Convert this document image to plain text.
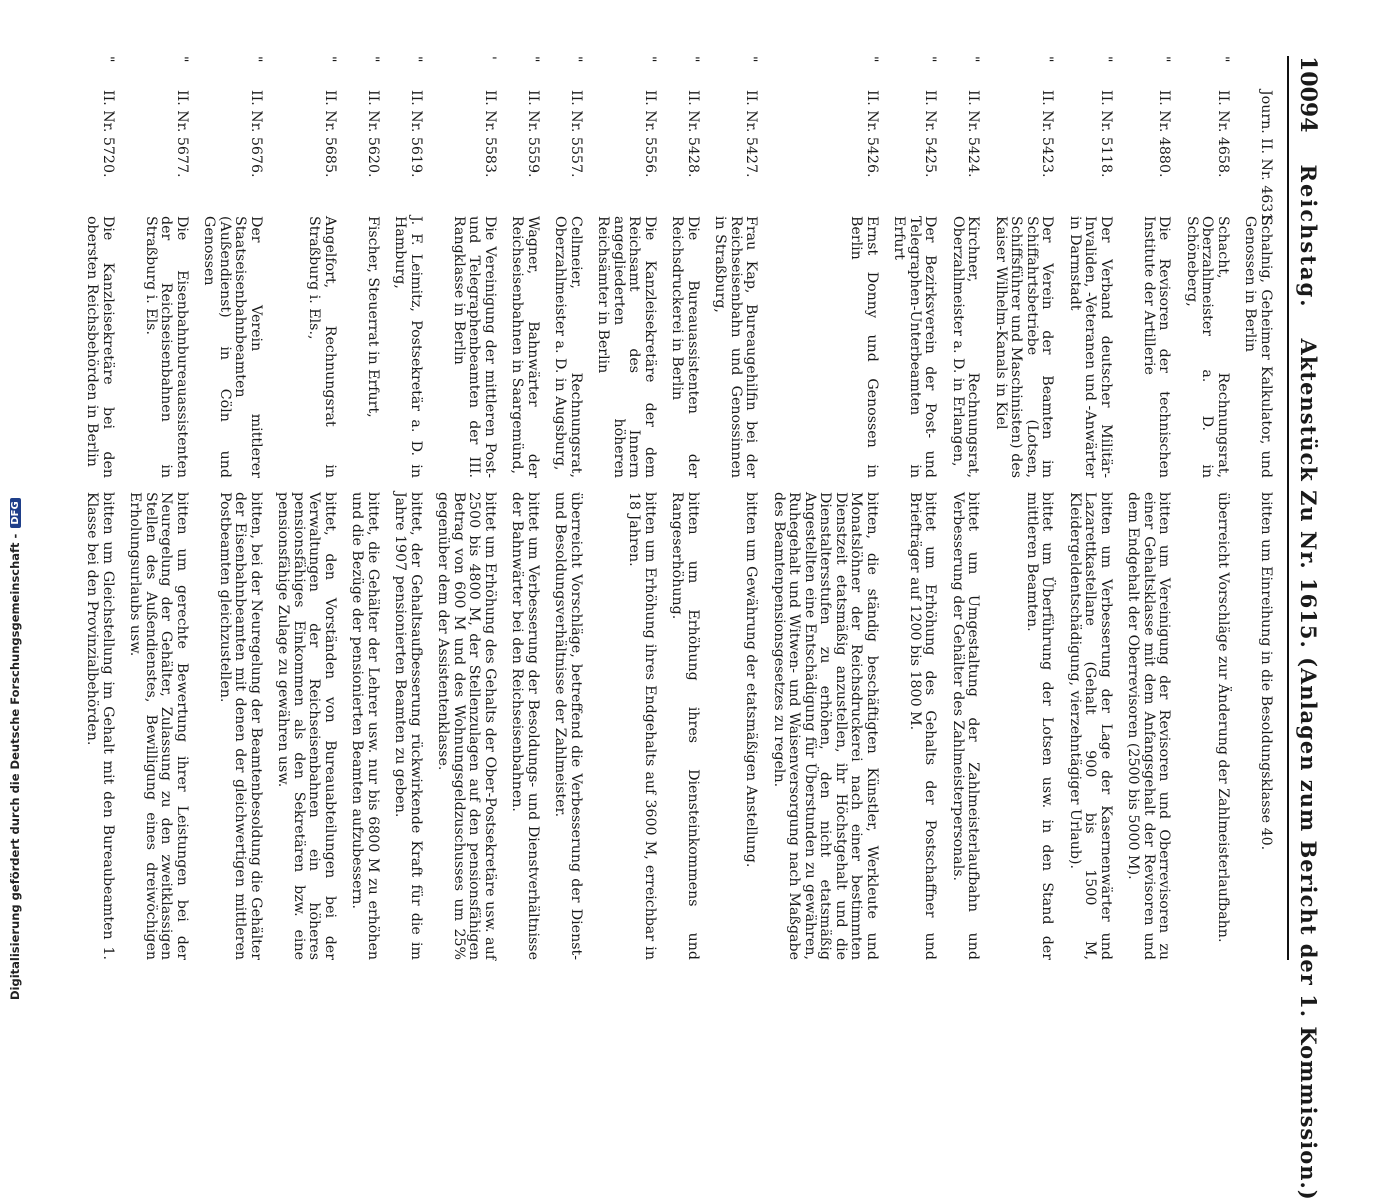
10094
Reichstag.
Aktenstück Zu Nr. 1615. (Anlagen zum Bericht der 1. Kommission.)
Journ. II. Nr. 4631.
Schalnig, Geheimer Kalkulator, und Genossen in Berlin
bitten um Einreihung in die Besoldungsklasse 40.
"
II. Nr. 4658.
Schacht, Rechnungsrat, Oberzahlmeister a. D. in Schöneberg,
überreicht Vorschläge zur Änderung der Zahlmeisterlaufbahn.
"
II. Nr. 4880.
Die Revisoren der technischen Institute der Artillerie
bitten um Vereinigung der Revisoren und Oberrevisoren zu einer Gehaltsklasse mit dem Anfangsgehalt der Revisoren und dem Endgehalt der Oberrevisoren (2500 bis 5000 M).
"
II. Nr. 5118.
Der Verband deutscher Militär-Invaliden, -Veteranen und -Anwärter in Darmstadt
bitten um Verbesserung der Lage der Kasernenwärter und Lazarettkastellane (Gehalt 900 bis 1500 M, Kleidergeldentschädigung, vierzehntägiger Urlaub).
"
II. Nr. 5423.
Der Verein der Beamten im Schiffahrtsbetriebe (Lotsen, Schiffsführer und Maschinisten) des Kaiser Wilhelm-Kanals in Kiel
bittet um Überführung der Lotsen usw. in den Stand der mittleren Beamten.
"
II. Nr. 5424.
Kirchner, Rechnungsrat, Oberzahlmeister a. D. in Erlangen,
bittet um Umgestaltung der Zahlmeisterlaufbahn und Verbesserung der Gehälter des Zahlmeisterpersonals.
"
II. Nr. 5425.
Der Bezirksverein der Post- und Telegraphen-Unterbeamten in Erfurt
bittet um Erhöhung des Gehalts der Postschaffner und Briefträger auf 1200 bis 1800 M.
"
II. Nr. 5426.
Ernst Donny und Genossen in Berlin
bitten, die ständig beschäftigten Künstler, Werkleute und Monatslöhner der Reichsdruckerei nach einer bestimmten Dienstzeit etatsmäßig anzustellen, ihr Höchstgehalt und die Dienstaltersstufen zu erhöhen, den nicht etatsmäßig Angestellten eine Entschädigung für Überstunden zu gewähren, Ruhegehalt und Witwen- und Waisenversorgung nach Maßgabe des Beamtenpensionsgesetzes zu regeln.
"
II. Nr. 5427.
Frau Kap, Bureaugehilfin bei der Reichseisenbahn und Genossinnen in Straßburg,
bitten um Gewährung der etatsmäßigen Anstellung.
"
II. Nr. 5428.
Die Bureauassistenten der Reichsdruckerei in Berlin
bitten um Erhöhung ihres Diensteinkommens und Rangeserhöhung.
"
II. Nr. 5556.
Die Kanzleisekretäre der dem Reichsamt des Innern angegliederten höheren Reichsämter in Berlin
bitten um Erhöhung ihres Endgehalts auf 3600 M, erreichbar in 18 Jahren.
"
II. Nr. 5557.
Cellmeier, Rechnungsrat, Oberzahlmeister a. D. in Augsburg,
überreicht Vorschläge, betreffend die Verbesserung der Dienst- und Besoldungsverhältnisse der Zahlmeister.
"
II. Nr. 5559.
Wagner, Bahnwärter der Reichseisenbahnen in Saargemünd,
bittet um Verbesserung der Besoldungs- und Dienstverhältnisse der Bahnwärter bei den Reichseisenbahnen.
'
II. Nr. 5583.
Die Vereinigung der mittleren Post- und Telegraphenbeamten der III. Rangklasse in Berlin
bittet um Erhöhung des Gehalts der Ober-Postsekretäre usw. auf 2500 bis 4800 M, der Stellenzulagen auf den pensionsfähigen Betrag von 600 M und des Wohnungsgeldzuschusses um 25% gegenüber dem der Assistentenklasse.
"
II. Nr. 5619.
J. F. Leimitz, Postsekretär a. D. in Hamburg,
bittet, der Gehaltsaufbesserung rückwirkende Kraft für die im Jahre 1907 pensionierten Beamten zu geben.
"
II. Nr. 5620.
Fischer, Steuerrat in Erfurt,
bittet, die Gehälter der Lehrer usw. nur bis 6800 M zu erhöhen und die Bezüge der pensionierten Beamten aufzubessern.
"
II. Nr. 5685.
Angelfort, Rechnungsrat in Straßburg i. Els.,
bittet, den Vorständen von Bureauabteilungen bei der Verwaltungen der Reichseisenbahnen ein höheres pensionsfähiges Einkommen als den Sekretären bzw. eine pensionsfähige Zulage zu gewähren usw.
"
II. Nr. 5676.
Der Verein mittlerer Staatseisenbahnbeamten (Außendienst) in Cöln und Genossen
bitten, bei der Neuregelung der Beamtenbesoldung die Gehälter der Eisenbahnbeamten mit denen der gleichwertigen mittleren Postbeamten gleichzustellen.
"
II. Nr. 5677.
Die Eisenbahnbureauassistenten der Reichseisenbahnen in Straßburg i. Els.
bitten um gerechte Bewertung ihrer Leistungen bei der Neuregelung der Gehälter, Zulassung zu den zweitklassigen Stellen des Außendienstes, Bewilligung eines dreiwöchigen Erholungsurlaubs usw.
"
II. Nr. 5720.
Die Kanzleisekretäre bei den obersten Reichsbehörden in Berlin
bitten um Gleichstellung im Gehalt mit den Bureaubeamten 1. Klasse bei den Provinzialbehörden.
Digitalisierung gefördert durch die Deutsche Forschungsgemeinschaft -
DFG
